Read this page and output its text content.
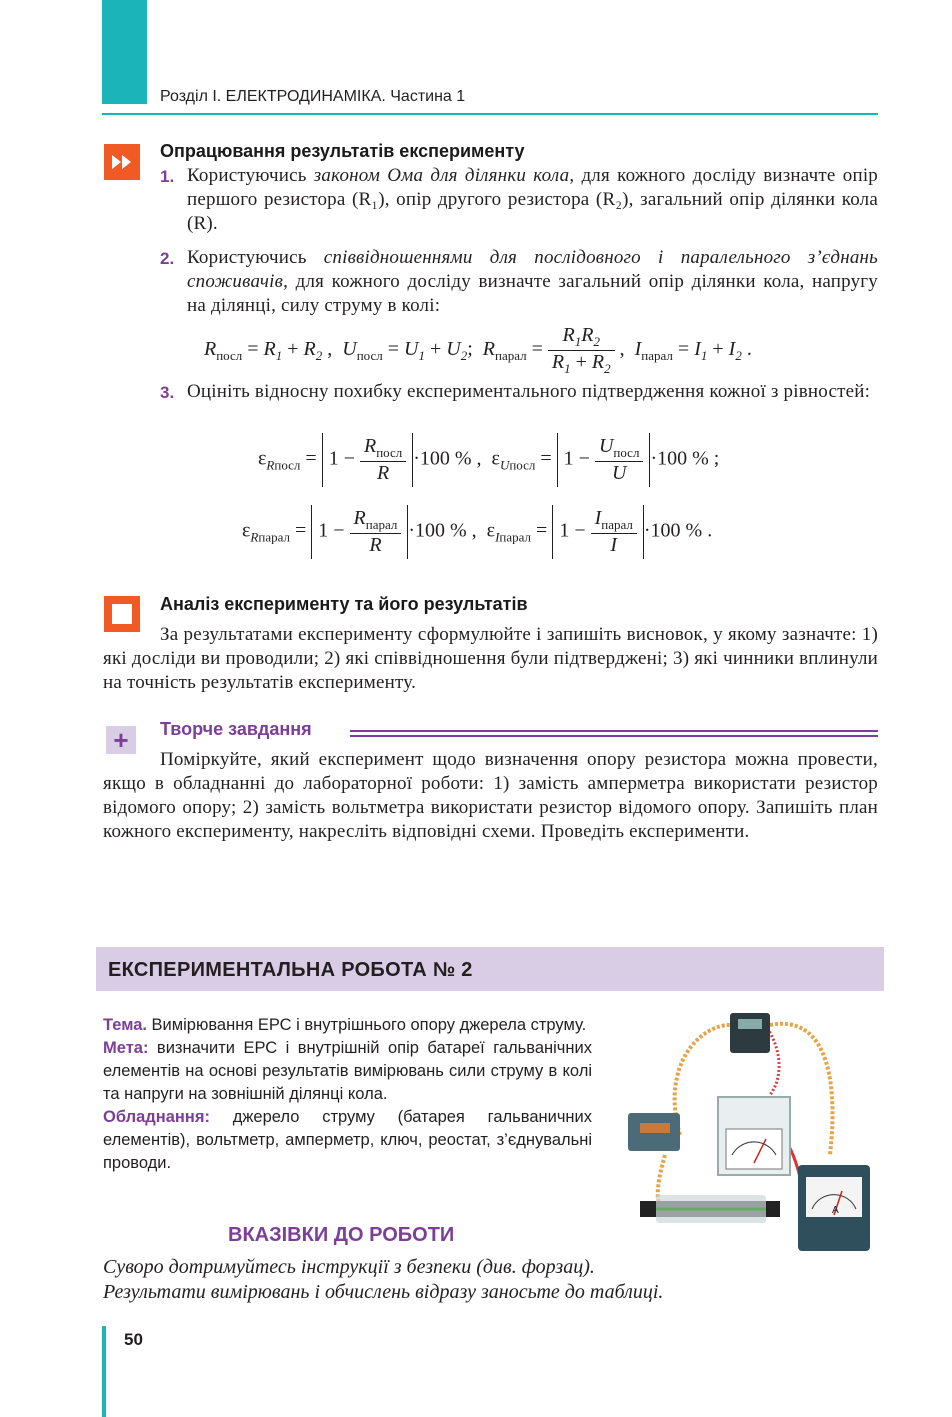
Розділ І. ЕЛЕКТРОДИНАМІКА. Частина 1
Опрацювання результатів експерименту
1. Користуючись законом Ома для ділянки кола, для кожного досліду визначте опір першого резистора (R₁), опір другого резистора (R₂), загальний опір ділянки кола (R).
2. Користуючись співвідношеннями для послідовного і паралельного з’єднань споживачів, для кожного досліду визначте загальний опір ділянки кола, напругу на ділянці, силу струму в колі:
$R_{посл} = R_1 + R_2$ ,  $U_{посл} = U_1 + U_2$;  $R_{парал} = \frac{R_1R_2}{R_1 + R_2}$ ,  $I_{парал} = I_1 + I_2$ .
3. Оцініть відносну похибку експериментального підтвердження кожної з рівностей:
$\varepsilon_{Rпосл} = 1 - \frac{R_{посл}}{R} \cdot 100$ % ,  $\varepsilon_{Uпосл} = 1 - \frac{U_{посл}}{U} \cdot 100$ % ;
$\varepsilon_{Rпарал} = 1 - \frac{R_{парал}}{R} \cdot 100$ % ,  $\varepsilon_{Iпарал} = 1 - \frac{I_{парал}}{I} \cdot 100$ % .
Аналіз експерименту та його результатів
За результатами експерименту сформулюйте і запишіть висновок, у якому зазначте: 1) які досліди ви проводили; 2) які співвідношення були підтверджені; 3) які чинники вплинули на точність результатів експерименту.
+	Творче завдання
Поміркуйте, який експеримент щодо визначення опору резистора можна провести, якщо в обладнанні до лабораторної роботи: 1) замість амперметра використати резистор відомого опору; 2) замість вольтметра використати резистор відомого опору. Запишіть план кожного експерименту, накресліть відповідні схеми. Проведіть експерименти.
ЕКСПЕРИМЕНТАЛЬНА РОБОТА № 2
Тема. Вимірювання ЕРС і внутрішнього опору джерела струму.
Мета: визначити ЕРС і внутрішній опір батареї гальванічних елементів на основі результатів вимірювань сили струму в колі та напруги на зовнішній ділянці кола.
Обладнання: джерело струму (батарея гальваничних елементів), вольтметр, амперметр, ключ, реостат, з’єднувальні проводи.
A
ВКАЗІВКИ ДО РОБОТИ
Суворо дотримуйтесь інструкції з безпеки (див. форзац).
Результати вимірювань і обчислень відразу заносьте до таблиці.
50
